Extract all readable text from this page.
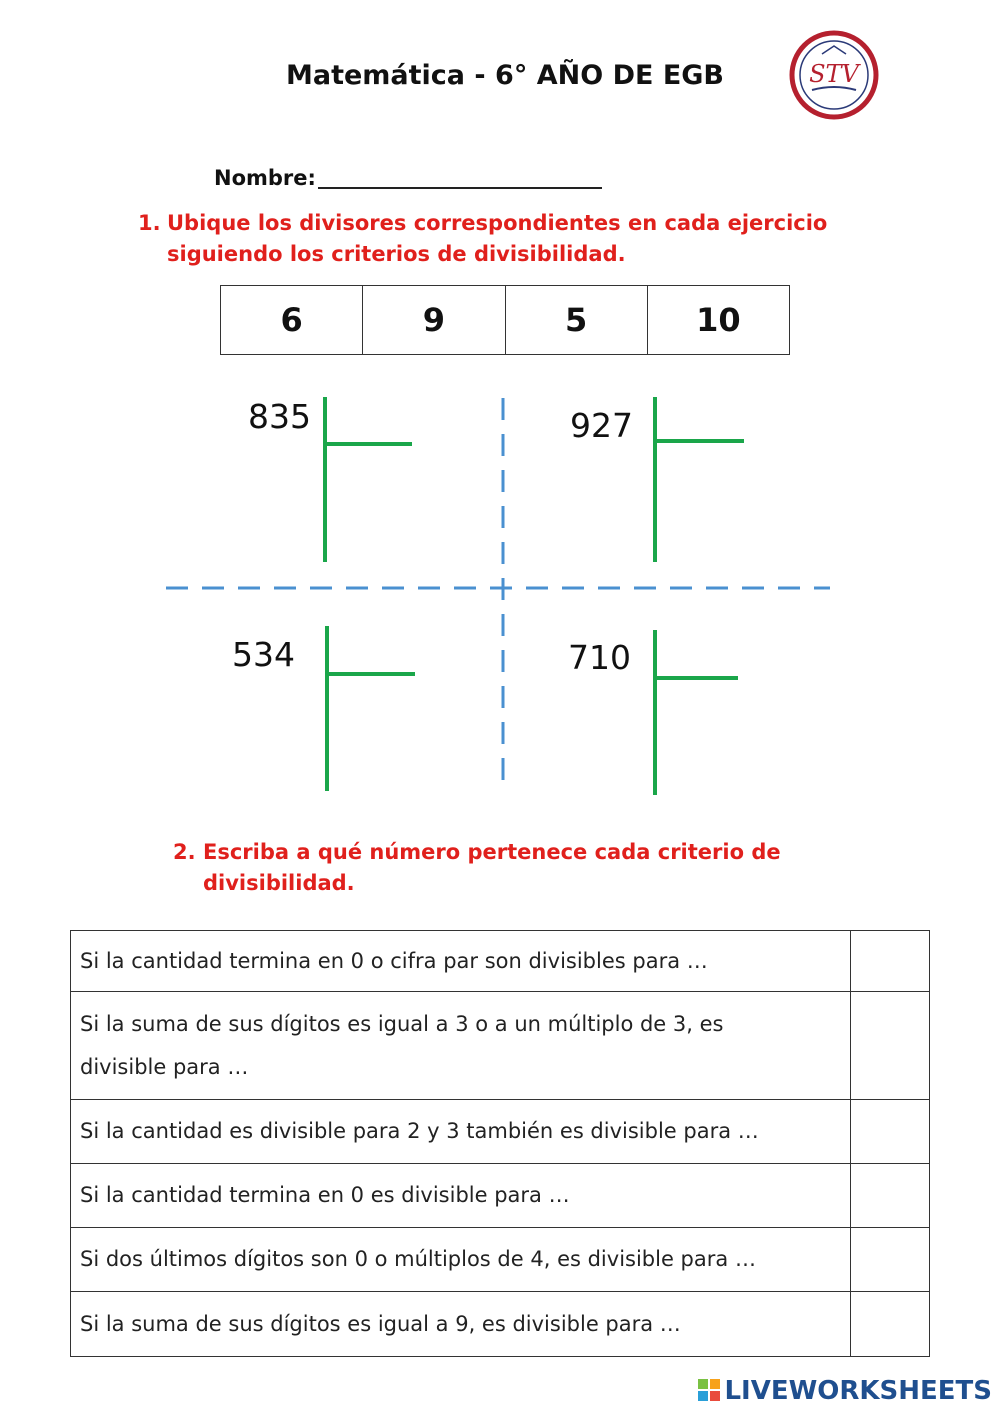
Matemática - 6° AÑO DE EGB	STV
Nombre:
1. Ubique los divisores correspondientes en cada ejercicio
siguiendo los criterios de divisibilidad.
6	9	5	10
835	927
534	710
2. Escriba a qué número pertenece cada criterio de
divisibilidad.
Si la cantidad termina en 0 o cifra par son divisibles para …	

Si la suma de sus dígitos es igual a 3 o a un múltiplo de 3, es
divisible para …	

Si la cantidad es divisible para 2 y 3 también es divisible para …	
Si la cantidad termina en 0 es divisible para …	
Si dos últimos dígitos son 0 o múltiplos de 4, es divisible para …	
Si la suma de sus dígitos es igual a 9, es divisible para …	
LIVEWORKSHEETS
